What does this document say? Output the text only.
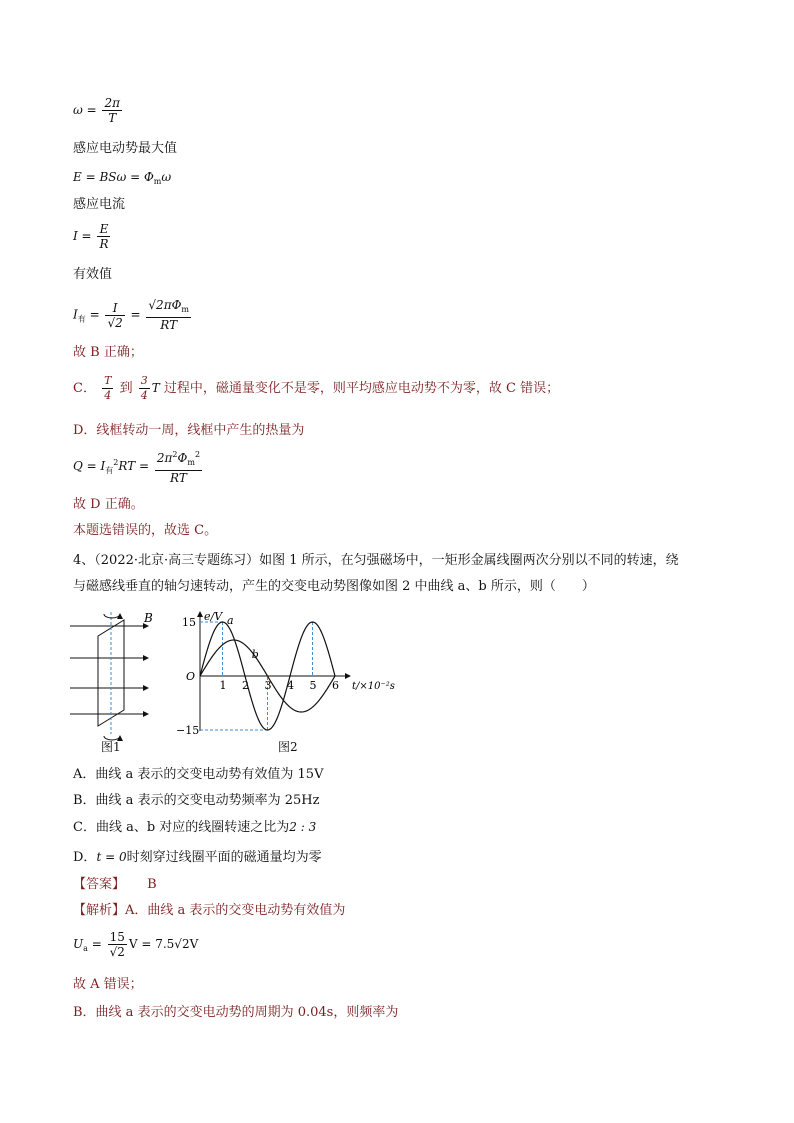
$\omega = \frac{2\pi}{T}$
感应电动势最大值
$E = BS\omega = \Phi_m\omega$
感应电流
$I = \frac{E}{R}$
有效值
$I_有 = \frac{I}{√2} = \frac{√2\pi\Phi_m}{RT}$
故 B 正确；
C． $\frac{T}{4}$ 到 $\frac{3}{4}$ T 过程中，磁通量变化不是零，则平均感应电动势不为零，故 C 错误；
D．线框转动一周，线框中产生的热量为
$Q = I_有^2RT = \frac{2\pi^2\Phi_m^2}{RT}$
故 D 正确。
本题选错误的，故选 C。
4、（2022·北京·高三专题练习）如图 1 所示，在匀强磁场中，一矩形金属线圈两次分别以不同的转速，绕
与磁感线垂直的轴匀速转动，产生的交变电动势图像如图 2 中曲线 a、b 所示，则（　　）
B
图1
a
b
1 2 3 4 5 6
15
−15
O
e/V
t/×10⁻²s
图2
A．曲线 a 表示的交变电动势有效值为 15V
B．曲线 a 表示的交变电动势频率为 25Hz
C．曲线 a、b 对应的线圈转速之比为2 : 3
D．t = 0时刻穿过线圈平面的磁通量均为零
【答案】 B
【解析】A．曲线 a 表示的交变电动势有效值为
$U_a = \frac{15}{√2}$ V = 7.5√2V
故 A 错误；
B．曲线 a 表示的交变电动势的周期为 0.04s，则频率为
